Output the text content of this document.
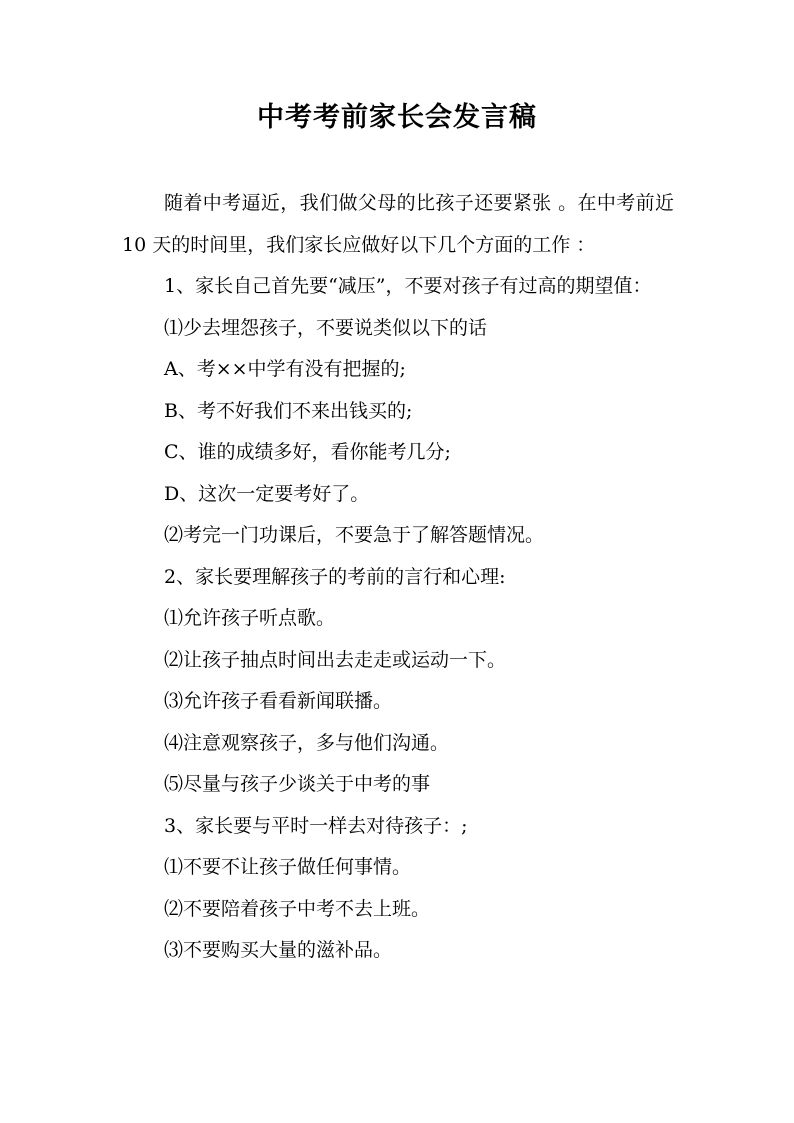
中考考前家长会发言稿

随着中考逼近，我们做父母的比孩子还要紧张 。在中考前近 10 天的时间里，我们家长应做好以下几个方面的工作 ：

1、家长自己首先要“减压”，不要对孩子有过高的期望值：

⑴少去埋怨孩子，不要说类似以下的话

A、考××中学有没有把握的;

B、考不好我们不来出钱买的;

C、谁的成绩多好，看你能考几分;

D、这次一定要考好了。

⑵考完一门功课后，不要急于了解答题情况。

2、家长要理解孩子的考前的言行和心理:

⑴允许孩子听点歌。

⑵让孩子抽点时间出去走走或运动一下。

⑶允许孩子看看新闻联播。

⑷注意观察孩子，多与他们沟通。

⑸尽量与孩子少谈关于中考的事

3、家长要与平时一样去对待孩子：;

⑴不要不让孩子做任何事情。

⑵不要陪着孩子中考不去上班。

⑶不要购买大量的滋补品。
